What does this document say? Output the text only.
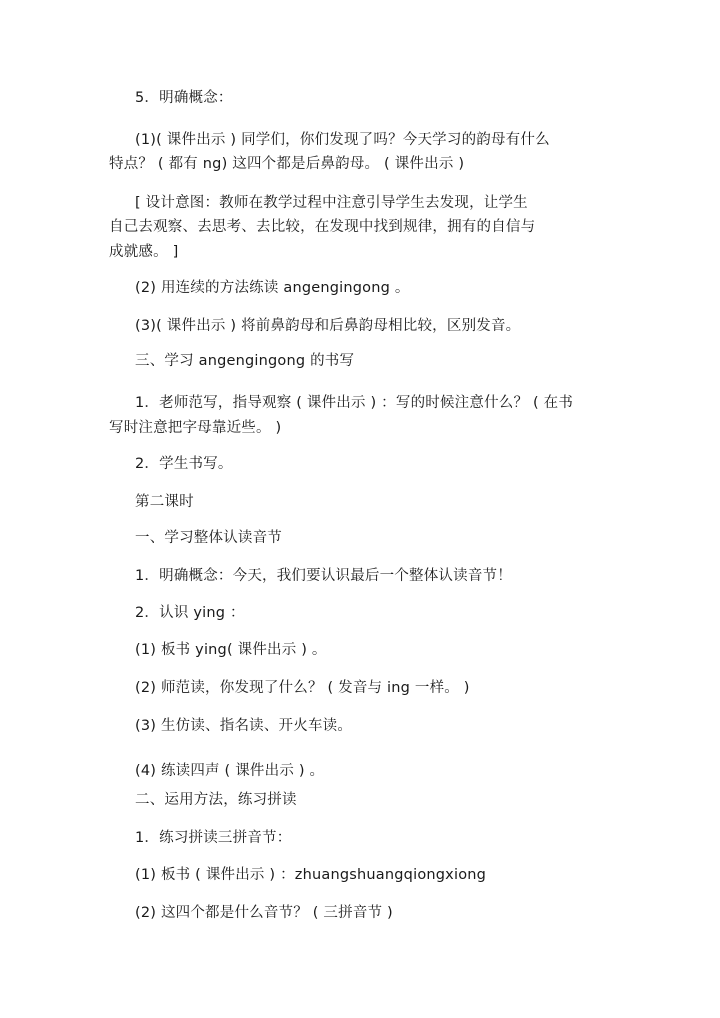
5．明确概念：
(1)( 课件出示 ) 同学们，你们发现了吗？今天学习的韵母有什么
特点？ ( 都有 ng) 这四个都是后鼻韵母。 ( 课件出示 )
[ 设计意图：教师在教学过程中注意引导学生去发现，让学生
自己去观察、去思考、去比较，在发现中找到规律，拥有的自信与
成就感。 ]
(2) 用连续的方法练读 angengingong 。
(3)( 课件出示 ) 将前鼻韵母和后鼻韵母相比较，区别发音。
三、学习 angengingong 的书写
1．老师范写，指导观察 ( 课件出示 ) ：写的时候注意什么？ ( 在书
写时注意把字母靠近些。 )
2．学生书写。
第二课时
一、学习整体认读音节
1．明确概念：今天，我们要认识最后一个整体认读音节！
2．认识 ying ：
(1) 板书 ying( 课件出示 ) 。
(2) 师范读，你发现了什么？ ( 发音与 ing 一样。 )
(3) 生仿读、指名读、开火车读。
(4) 练读四声 ( 课件出示 ) 。
二、运用方法，练习拼读
1．练习拼读三拼音节：
(1) 板书 ( 课件出示 ) ：zhuangshuangqiongxiong
(2) 这四个都是什么音节？ ( 三拼音节 )
